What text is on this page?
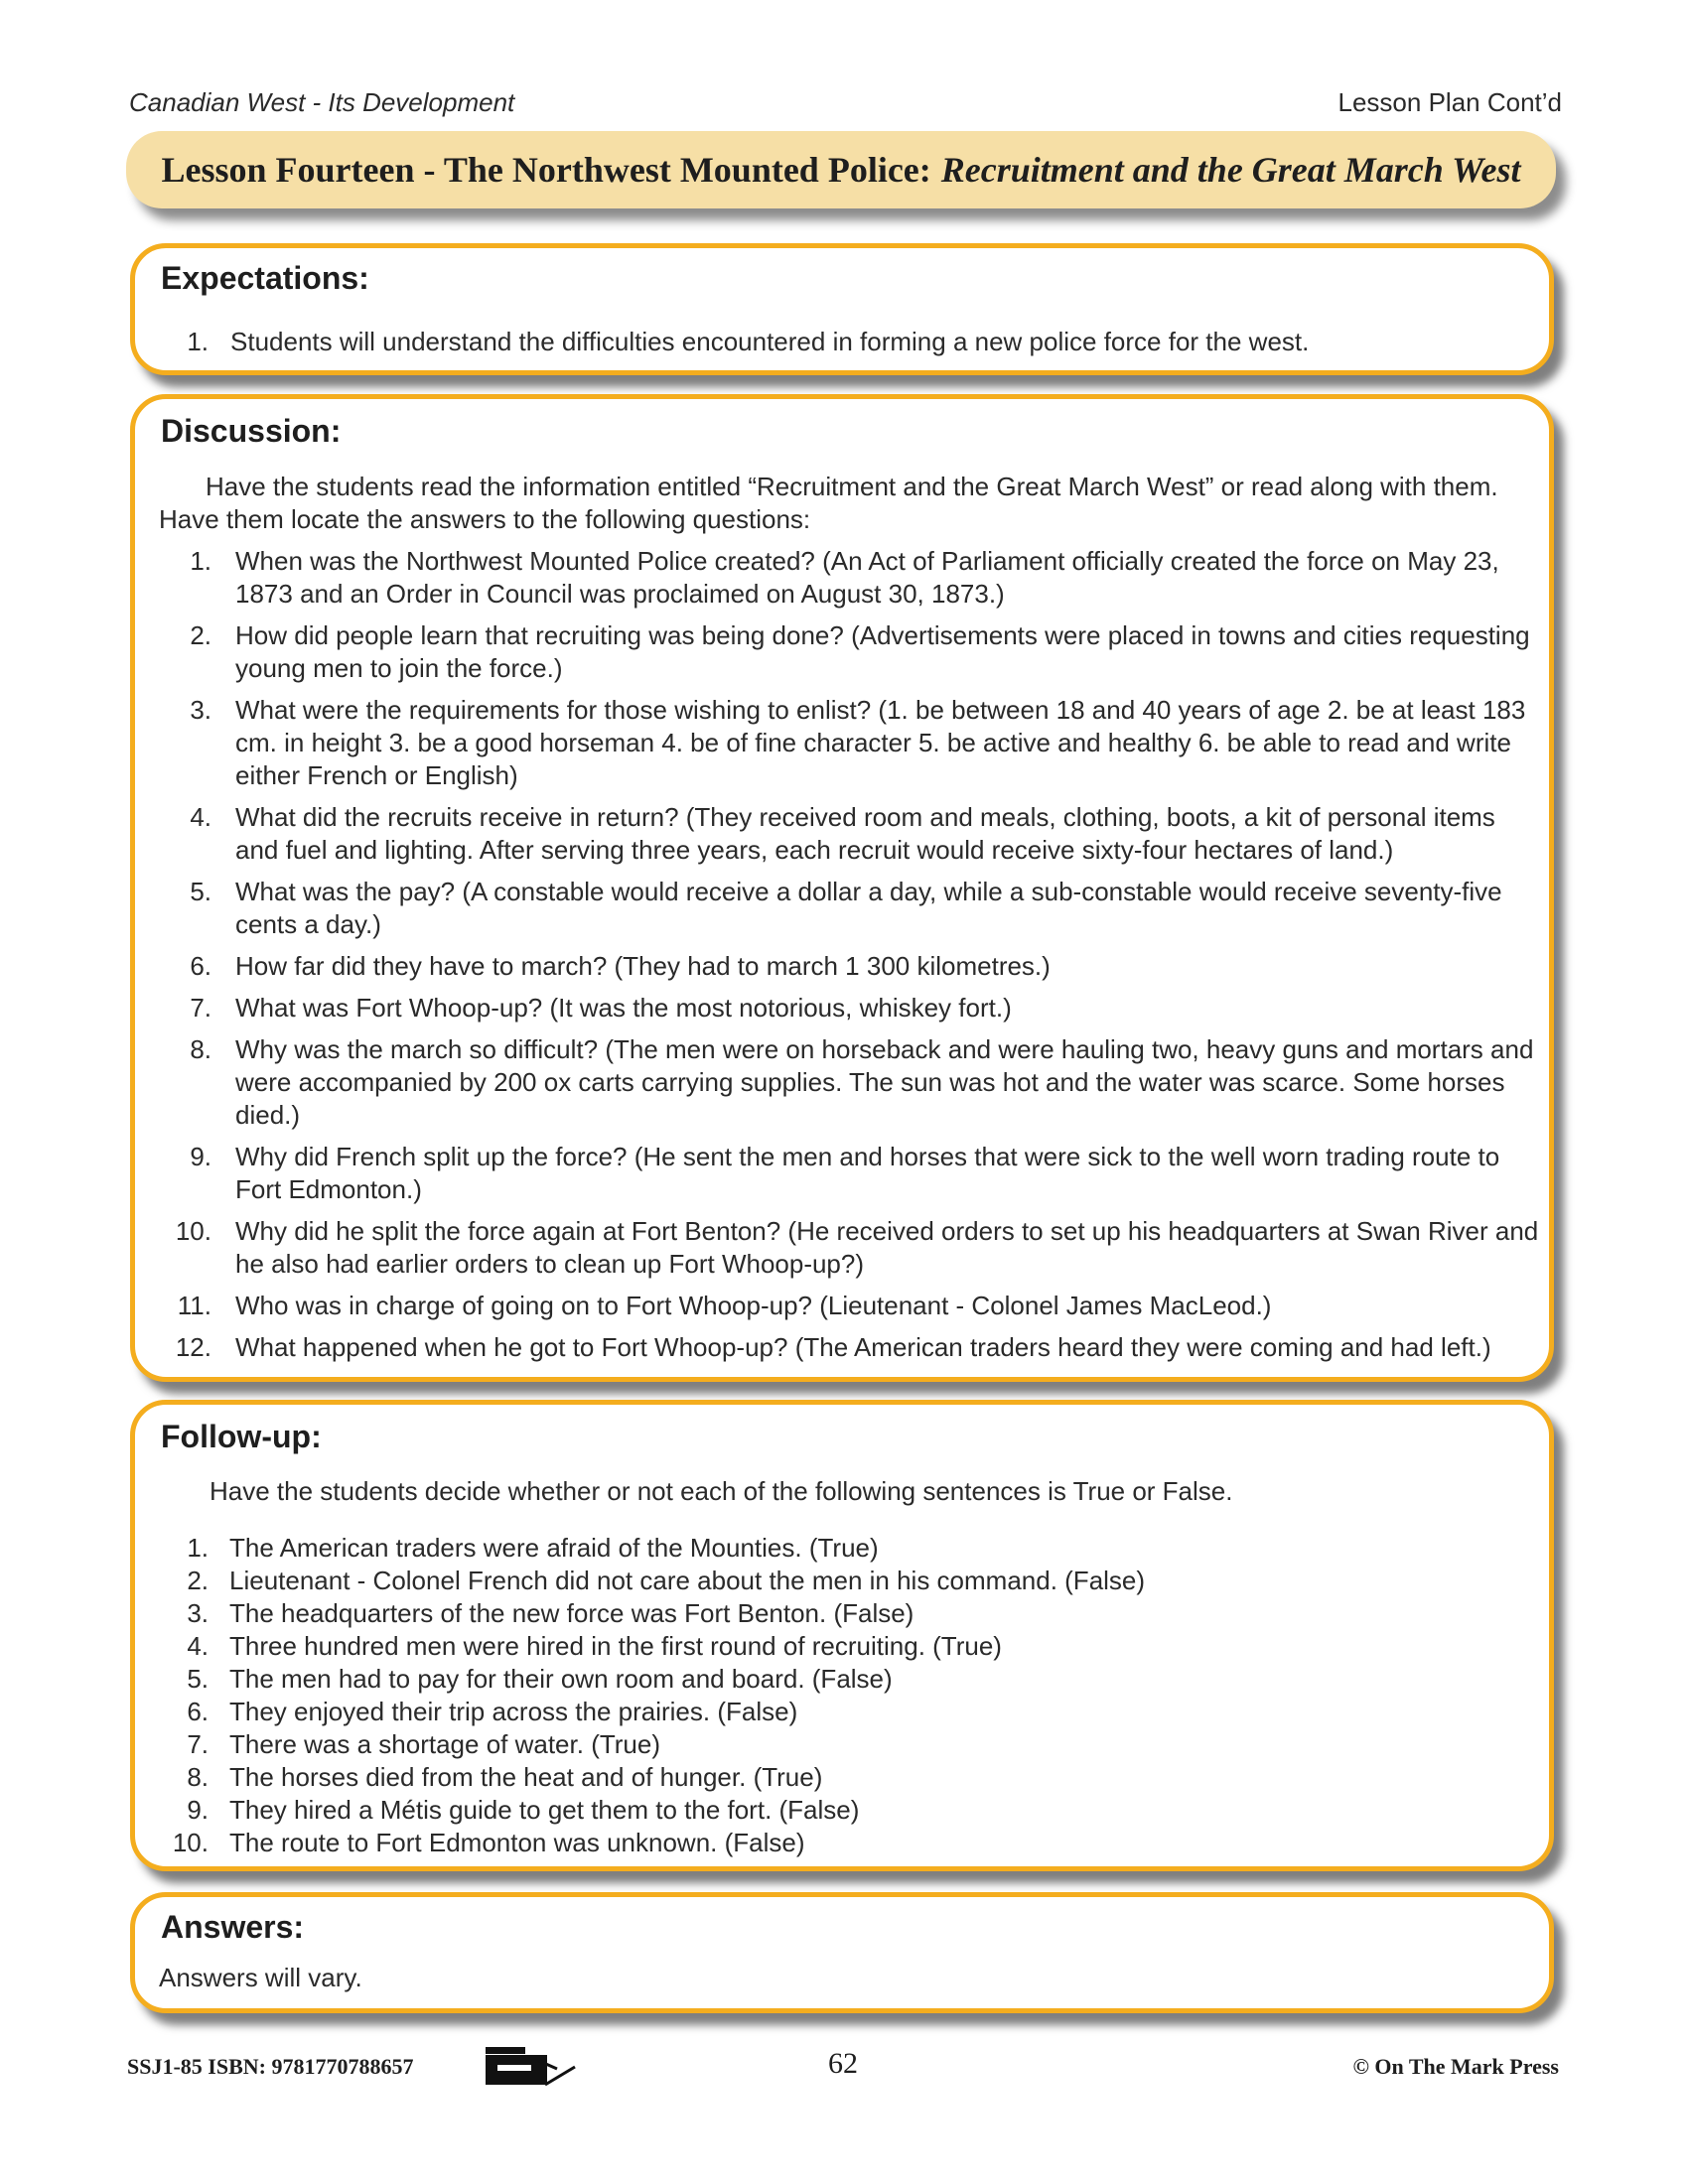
Canadian West - Its Development	Lesson Plan Cont’d
Lesson Fourteen - The Northwest Mounted Police: Recruitment and the Great March West
Expectations:
1. Students will understand the difficulties encountered in forming a new police force for the west.
Discussion:
Have the students read the information entitled “Recruitment and the Great March West” or read along with them. Have them locate the answers to the following questions:
1. When was the Northwest Mounted Police created? (An Act of Parliament officially created the force on May 23, 1873 and an Order in Council was proclaimed on August 30, 1873.)
2. How did people learn that recruiting was being done? (Advertisements were placed in towns and cities requesting young men to join the force.)
3. What were the requirements for those wishing to enlist? (1. be between 18 and 40 years of age 2. be at least 183 cm. in height 3. be a good horseman 4. be of fine character 5. be active and healthy 6. be able to read and write either French or English)
4. What did the recruits receive in return? (They received room and meals, clothing, boots, a kit of personal items and fuel and lighting. After serving three years, each recruit would receive sixty-four hectares of land.)
5. What was the pay? (A constable would receive a dollar a day, while a sub-constable would receive seventy-five cents a day.)
6. How far did they have to march? (They had to march 1 300 kilometres.)
7. What was Fort Whoop-up? (It was the most notorious, whiskey fort.)
8. Why was the march so difficult? (The men were on horseback and were hauling two, heavy guns and mortars and were accompanied by 200 ox carts carrying supplies. The sun was hot and the water was scarce. Some horses died.)
9. Why did French split up the force? (He sent the men and horses that were sick to the well worn trading route to Fort Edmonton.)
10. Why did he split the force again at Fort Benton? (He received orders to set up his headquarters at Swan River and he also had earlier orders to clean up Fort Whoop-up?)
11. Who was in charge of going on to Fort Whoop-up? (Lieutenant - Colonel James MacLeod.)
12. What happened when he got to Fort Whoop-up? (The American traders heard they were coming and had left.)
Follow-up:
Have the students decide whether or not each of the following sentences is True or False.
1. The American traders were afraid of the Mounties. (True)
2. Lieutenant - Colonel French did not care about the men in his command. (False)
3. The headquarters of the new force was Fort Benton. (False)
4. Three hundred men were hired in the first round of recruiting. (True)
5. The men had to pay for their own room and board. (False)
6. They enjoyed their trip across the prairies. (False)
7. There was a shortage of water. (True)
8. The horses died from the heat and of hunger. (True)
9. They hired a Métis guide to get them to the fort. (False)
10. The route to Fort Edmonton was unknown. (False)
Answers:
Answers will vary.
SSJ1-85 ISBN: 9781770788657	62	© On The Mark Press
